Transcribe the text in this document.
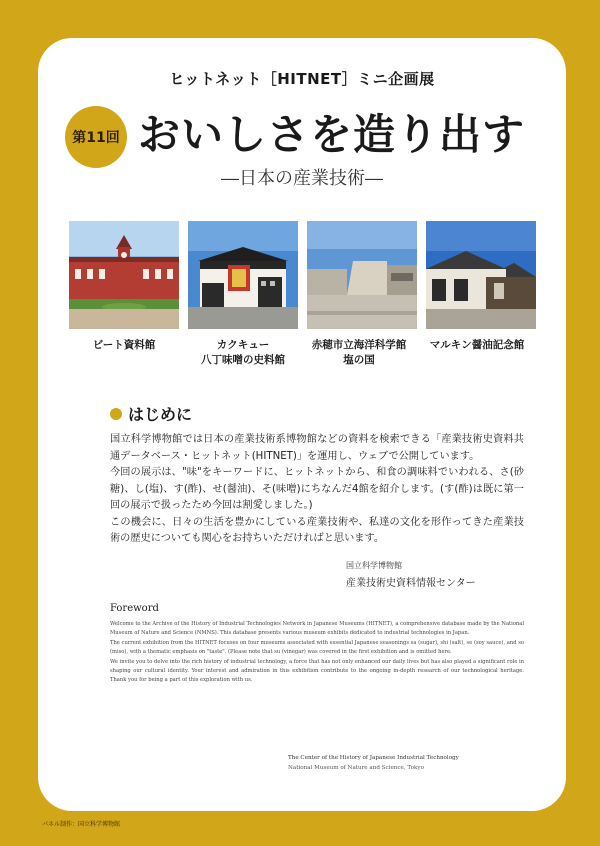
ヒットネット［HITNET］ミニ企画展
第11回 おいしさを造り出す
―日本の産業技術―
ビート資料館	カクキュー
八丁味噌の史料館
赤穂市立海洋科学館
塩の国
マルキン醤油記念館
はじめに

国立科学博物館では日本の産業技術系博物館などの資料を検索できる「産業技術史資料共通データベース・ヒットネット(HITNET)」を運用し、ウェブで公開しています。

今回の展示は、"味"をキーワードに、ヒットネットから、和食の調味料でいわれる、さ(砂糖)、し(塩)、す(酢)、せ(醤油)、そ(味噌)にちなんだ4館を紹介します。(す(酢)は既に第一回の展示で扱ったため今回は割愛しました。)

この機会に、日々の生活を豊かにしている産業技術や、私達の文化を形作ってきた産業技術の歴史についても関心をお持ちいただければと思います。

国立科学博物館
産業技術史資料情報センター
Foreword

Welcome to the Archive of the History of Industrial Technologies Network in Japanese Museums (HITNET), a comprehensive database made by the National Museum of Nature and Science (NMNS). This database presents various museum exhibits dedicated to industrial technologies in Japan.

The current exhibition from the HITNET focuses on four museums associated with essential Japanese seasonings sa (sugar), shi (salt), se (soy sauce), and so (miso), with a thematic emphasis on "taste". (Please note that su (vinegar) was covered in the first exhibition and is omitted here.

We invite you to delve into the rich history of industrial technology, a force that has not only enhanced our daily lives but has also played a significant role in shaping our cultural identity. Your interest and admiration in this exhibition contribute to the ongoing in-depth research of our technological heritage. Thank you for being a part of this exploration with us.

The Center of the History of Japanese Industrial Technology
National Museum of Nature and Science, Tokyo
パネル制作：国立科学博物館
